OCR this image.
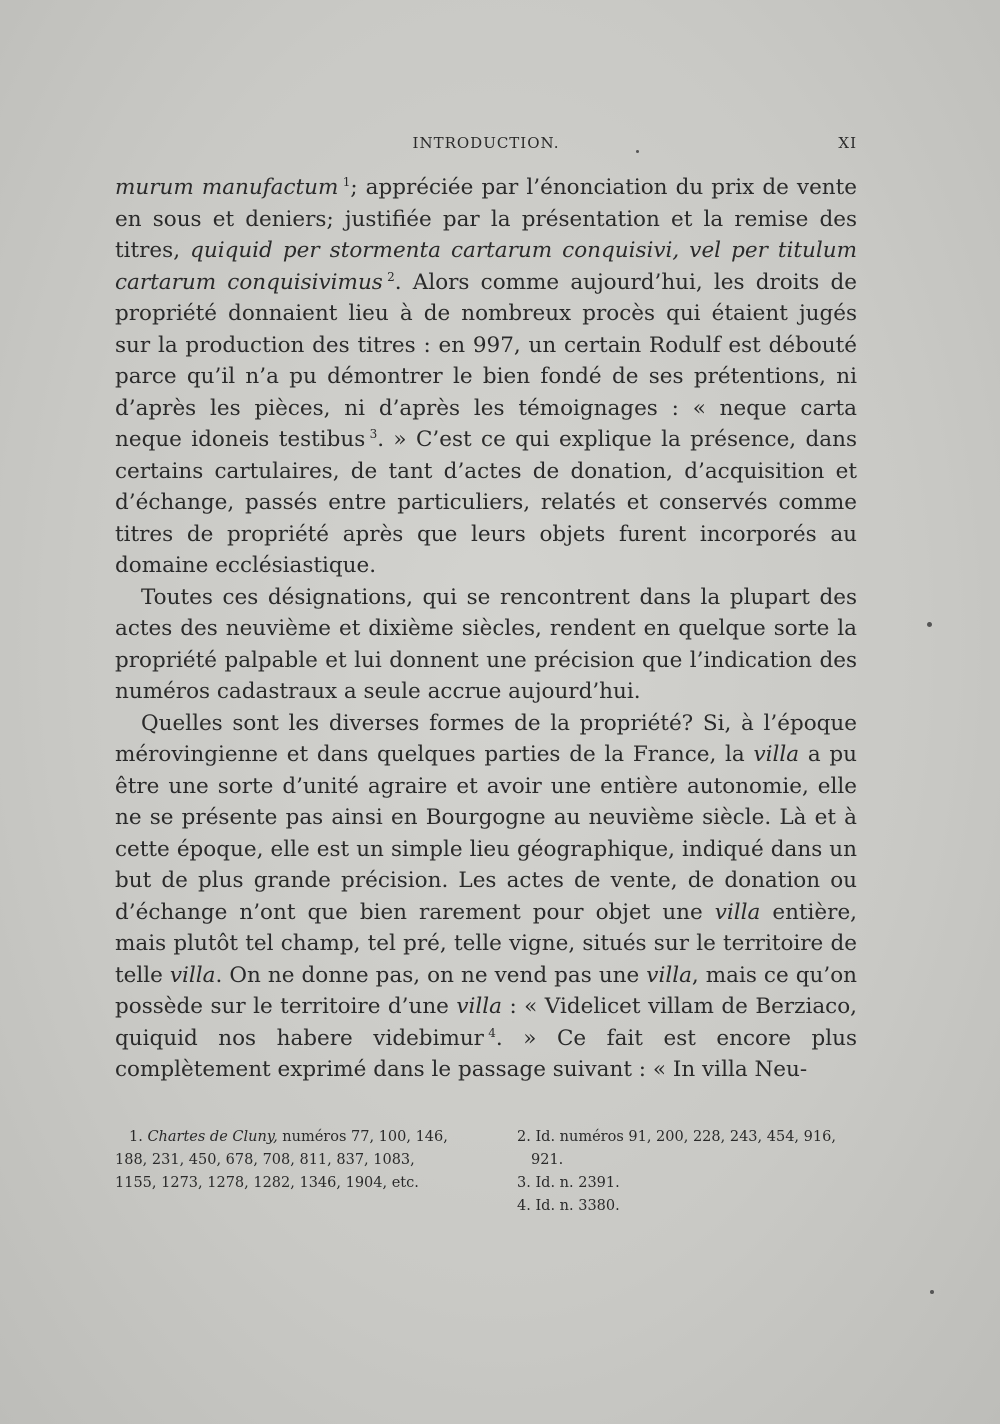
INTRODUCTION.	XI

murum manufactum  $^1$; appréciée par l’énonciation du prix de vente en sous et deniers; justifiée par la présentation et la remise des titres, quiquid per stormenta cartarum conquisivi, vel per titulum cartarum conquisivimus  $^2$. Alors comme aujourd’hui, les droits de propriété donnaient lieu à de nombreux procès qui étaient jugés sur la production des titres : en 997, un certain Rodulf est débouté parce qu’il n’a pu démontrer le bien fondé de ses prétentions, ni d’après les pièces, ni d’après les témoignages : « neque carta neque idoneis testibus  $^3$. » C’est ce qui explique la présence, dans certains cartulaires, de tant d’actes de donation, d’acquisition et d’échange, passés entre particuliers, relatés et conservés comme titres de propriété après que leurs objets furent incorporés au domaine ecclésiastique.

Toutes ces désignations, qui se rencontrent dans la plupart des actes des neuvième et dixième siècles, rendent en quelque sorte la propriété palpable et lui donnent une précision que l’indication des numéros cadastraux a seule accrue aujourd’hui.

Quelles sont les diverses formes de la propriété? Si, à l’époque mérovingienne et dans quelques parties de la France, la villa a pu être une sorte d’unité agraire et avoir une entière autonomie, elle ne se présente pas ainsi en Bourgogne au neuvième siècle. Là et à cette époque, elle est un simple lieu géographique, indiqué dans un but de plus grande précision. Les actes de vente, de donation ou d’échange n’ont que bien rarement pour objet une villa entière, mais plutôt tel champ, tel pré, telle vigne, situés sur le territoire de telle villa. On ne donne pas, on ne vend pas une villa, mais ce qu’on possède sur le territoire d’une villa : « Videlicet villam de Berziaco, quiquid nos habere videbimur  $^4$. » Ce fait est encore plus complètement exprimé dans le passage suivant : « In villa Neu-

1. Chartes de Cluny, numéros 77, 100, 146, 188, 231, 450, 678, 708, 811, 837, 1083, 1155, 1273, 1278, 1282, 1346, 1904, etc.

2. Id. numéros 91, 200, 228, 243, 454, 916, 921.

3. Id. n. 2391.

4. Id. n. 3380.
